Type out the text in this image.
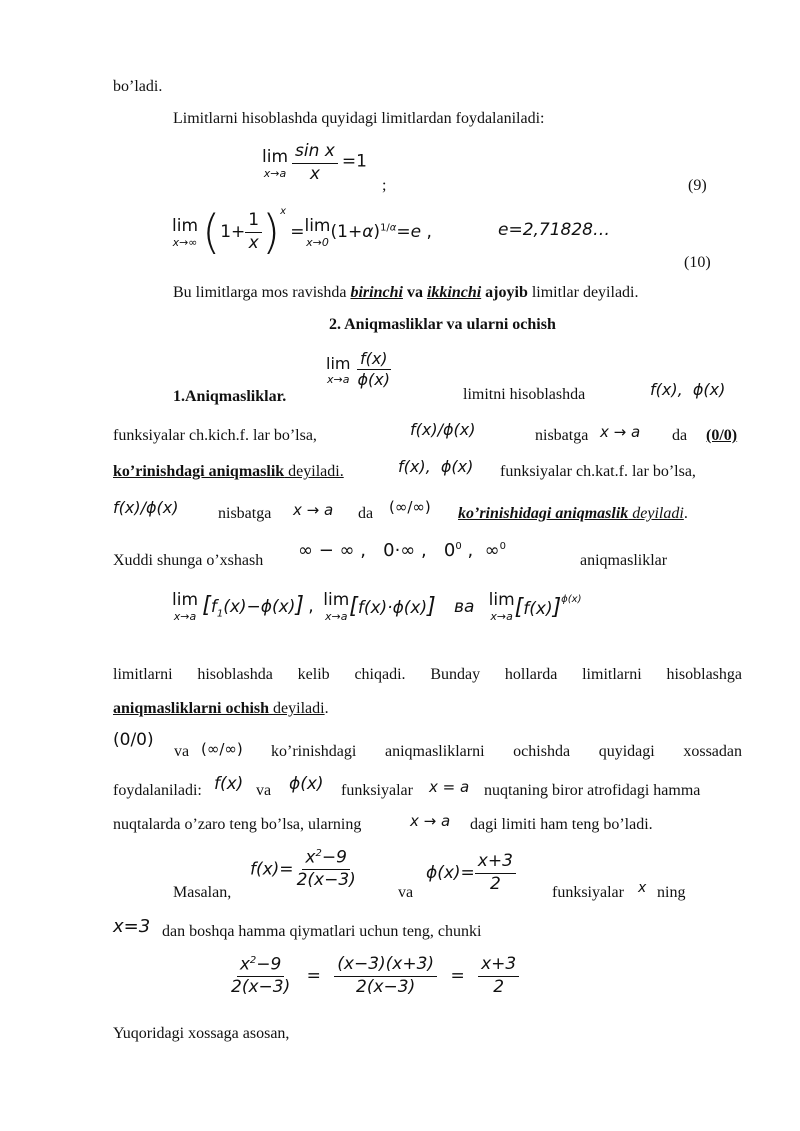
bo’ladi.
Limitlarni hisoblashda quyidagi limitlardan foydalaniladi:
lim
x→a
$\frac{\text{sin x}}{x} =1$
;	(9)
lim
x→∞ $(1+ \frac{1}{x} )^x = \lim$
x→0 $(1+\alpha)^{1/\alpha}=e$ ,	e=2,71828…
(10)
Bu limitlarga mos ravishda birinchi va ikkinchi ajoyib limitlar deyiladi.
2. Aniqmasliklar va ularni ochish
1.Aniqmasliklar.
lim
x→a
$\frac{f(x)}{\phi(x)}$
limitni hisoblashda	f(x),  ϕ(x)
funksiyalar ch.kich.f. lar bo’lsa,	f(x)/ϕ(x)	nisbatga x → a da (0/0)
ko’rinishdagi aniqmaslik deyiladi.	f(x),  ϕ(x) funksiyalar ch.kat.f. lar bo’lsa,
f(x)/ϕ(x) nisbatga x → a da (∞/∞) ko’rinishidagi aniqmaslik deyiladi.
Xuddi shunga o’xshash ∞ − ∞ ,   0·∞ ,   $0^0$ ,  ∞$^0$
aniqmasliklar
lim
x→a $[f_1(x)-\phi(x)]$ , lim
x→a [f(x)·ϕ(x)] ва lim
x→a $[f(x)]^{\phi(x)}$
limitlarni hisoblashda kelib chiqadi. Bunday hollarda limitlarni hisoblashga
aniqmasliklarni ochish deyiladi.
(0/0)
va (∞/∞) ko’rinishdagi aniqmasliklarni ochishda quyidagi xossadan
foydalaniladi: f(x) va ϕ(x) funksiyalar x = a nuqtaning biror atrofidagi hamma
nuqtalarda o’zaro teng bo’lsa, ularning	x → a dagi limiti ham teng bo’ladi.
Masalan,
$f(x)= \frac{x^2-9}{2(x-3)}$
va
$\phi(x)= \frac{x+3}{2}$ funksiyalar x ning
x=3 dan boshqa hamma qiymatlari uchun teng, chunki
$\frac{x^2-9}{2(x-3)} = \frac{(x-3)(x+3)}{2(x-3)} = \frac{x+3}{2}$
Yuqoridagi xossaga asosan,
